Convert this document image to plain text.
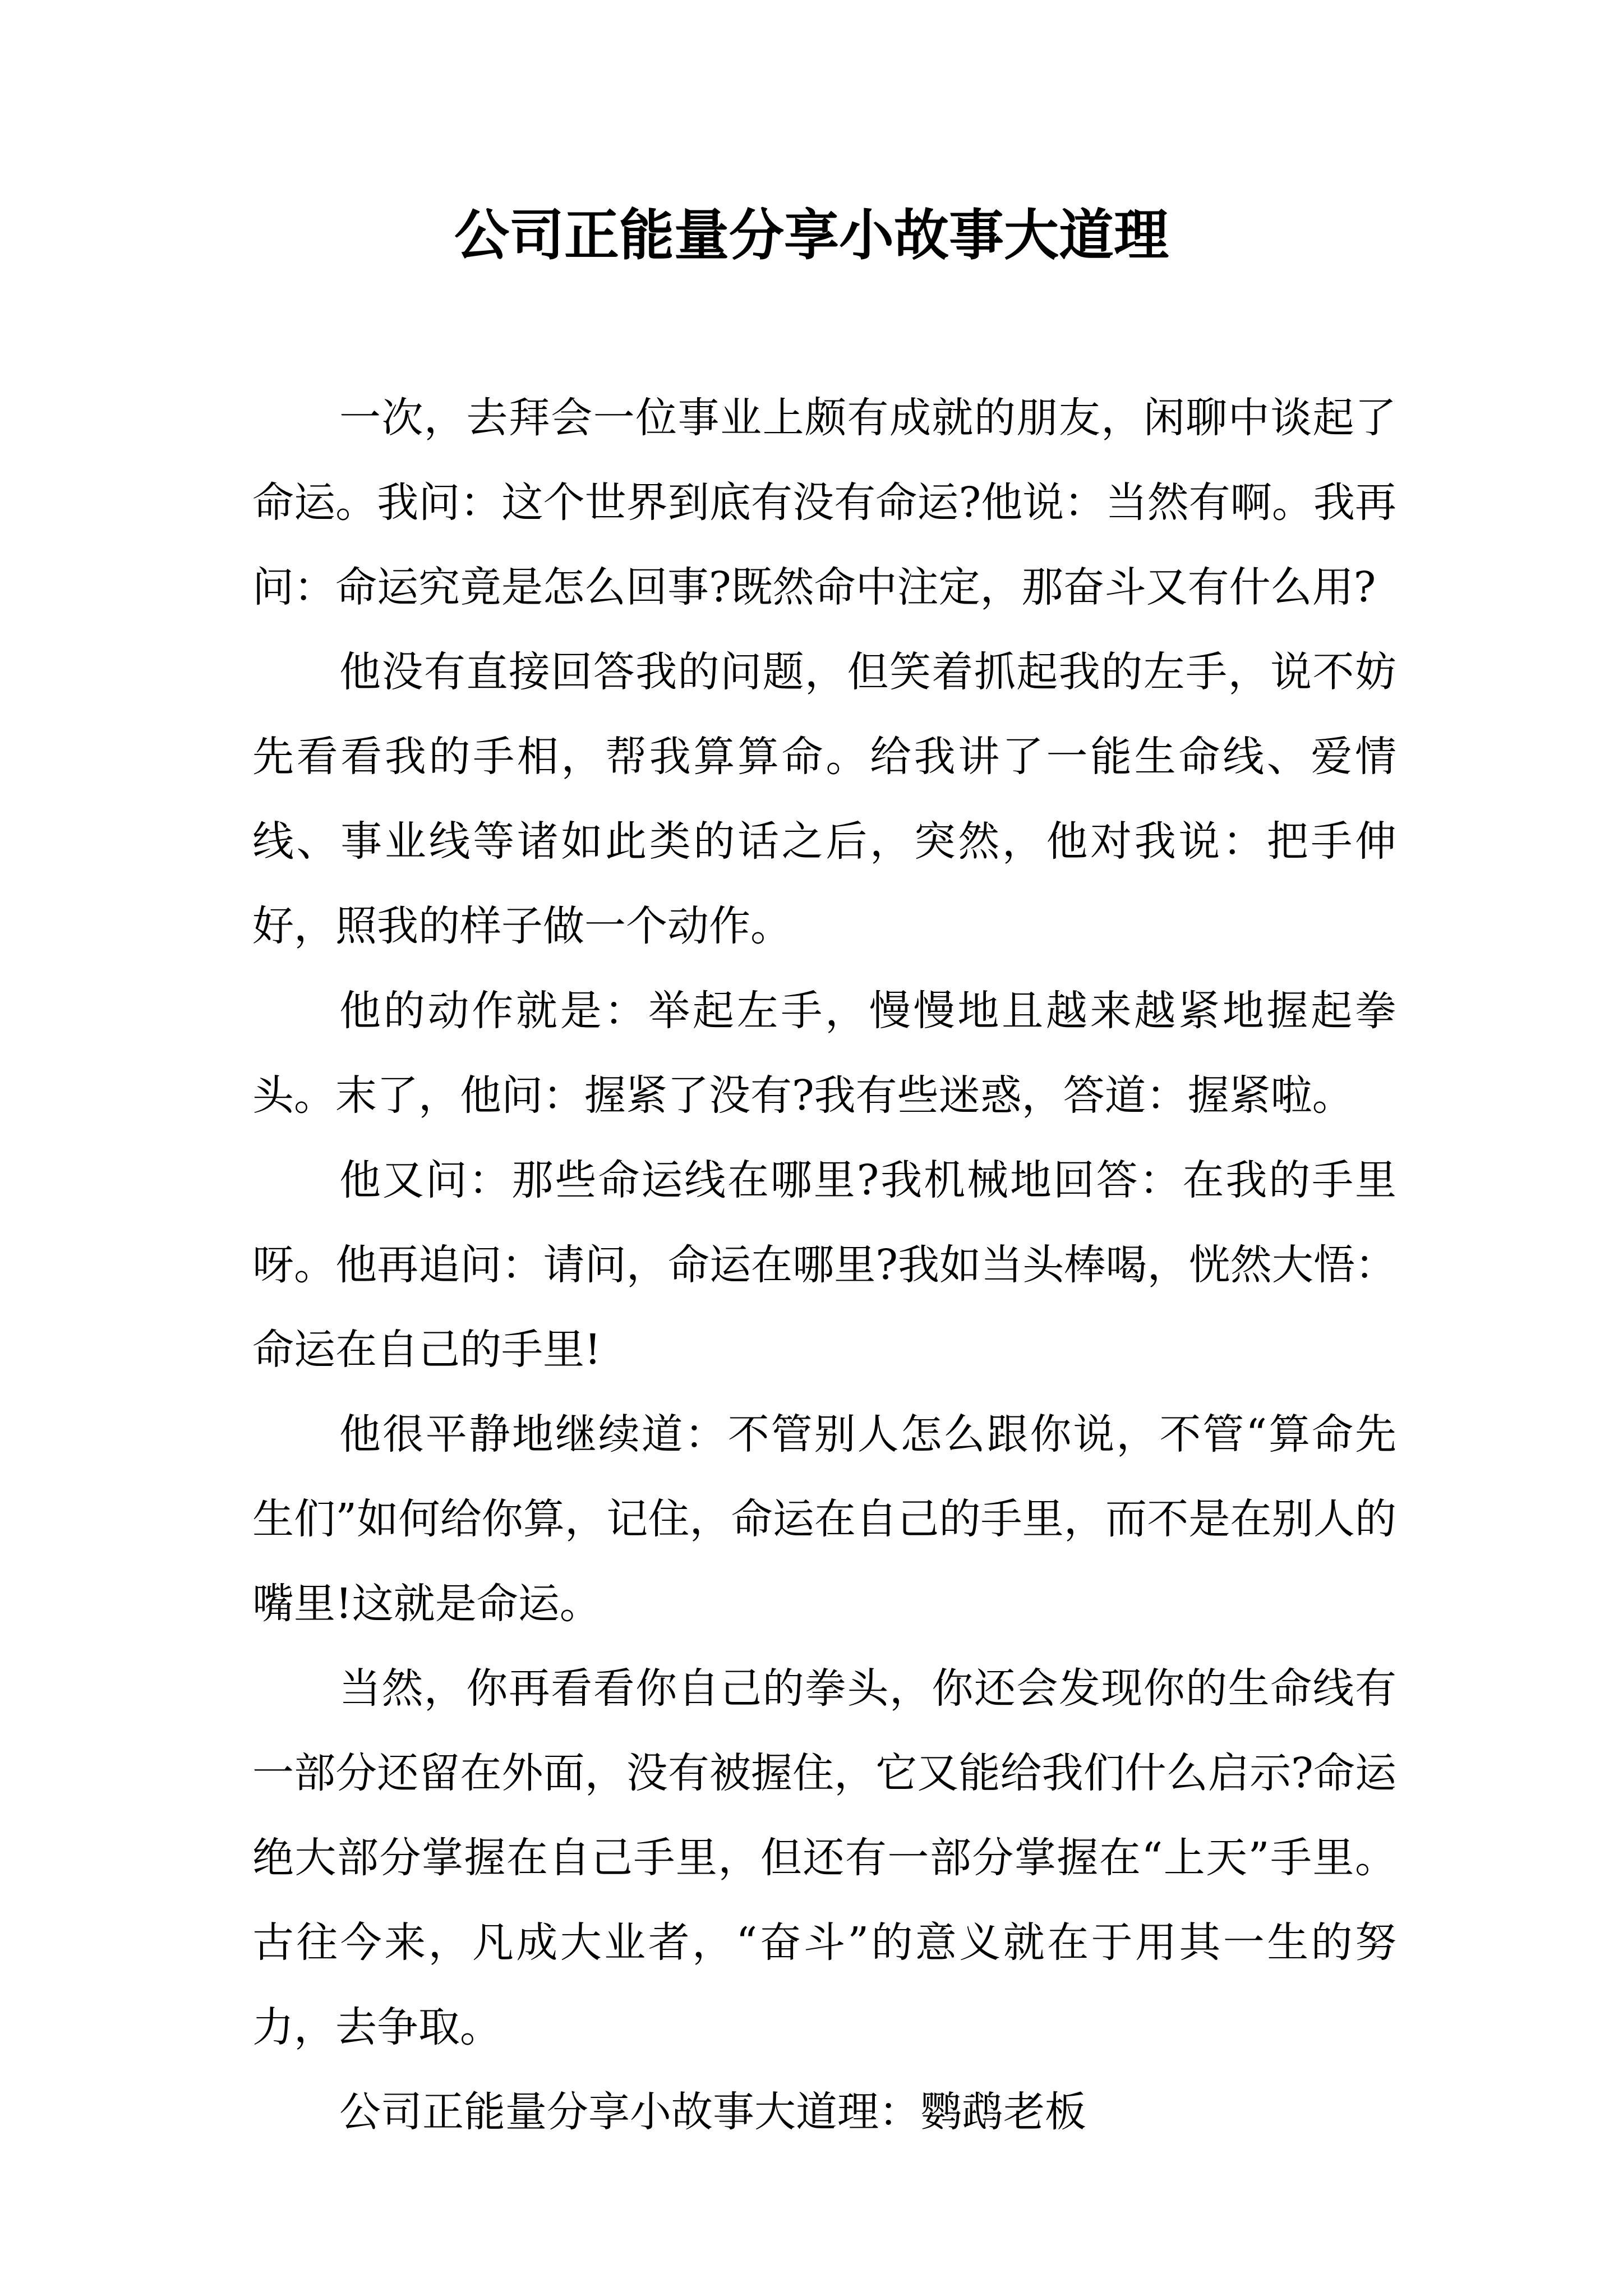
公司正能量分享小故事大道理

一次，去拜会一位事业上颇有成就的朋友，闲聊中谈起了命运。我问：这个世界到底有没有命运?他说：当然有啊。我再问：命运究竟是怎么回事?既然命中注定，那奋斗又有什么用?

他没有直接回答我的问题，但笑着抓起我的左手，说不妨先看看我的手相，帮我算算命。给我讲了一能生命线、爱情线、事业线等诸如此类的话之后，突然，他对我说：把手伸好，照我的样子做一个动作。

他的动作就是：举起左手，慢慢地且越来越紧地握起拳头。末了，他问：握紧了没有?我有些迷惑，答道：握紧啦。

他又问：那些命运线在哪里?我机械地回答：在我的手里呀。他再追问：请问，命运在哪里?我如当头棒喝，恍然大悟：命运在自己的手里!

他很平静地继续道：不管别人怎么跟你说，不管“算命先生们”如何给你算，记住，命运在自己的手里，而不是在别人的嘴里!这就是命运。

当然，你再看看你自己的拳头，你还会发现你的生命线有一部分还留在外面，没有被握住，它又能给我们什么启示?命运绝大部分掌握在自己手里，但还有一部分掌握在“上天”手里。古往今来，凡成大业者，“奋斗”的意义就在于用其一生的努力，去争取。

公司正能量分享小故事大道理：鹦鹉老板
